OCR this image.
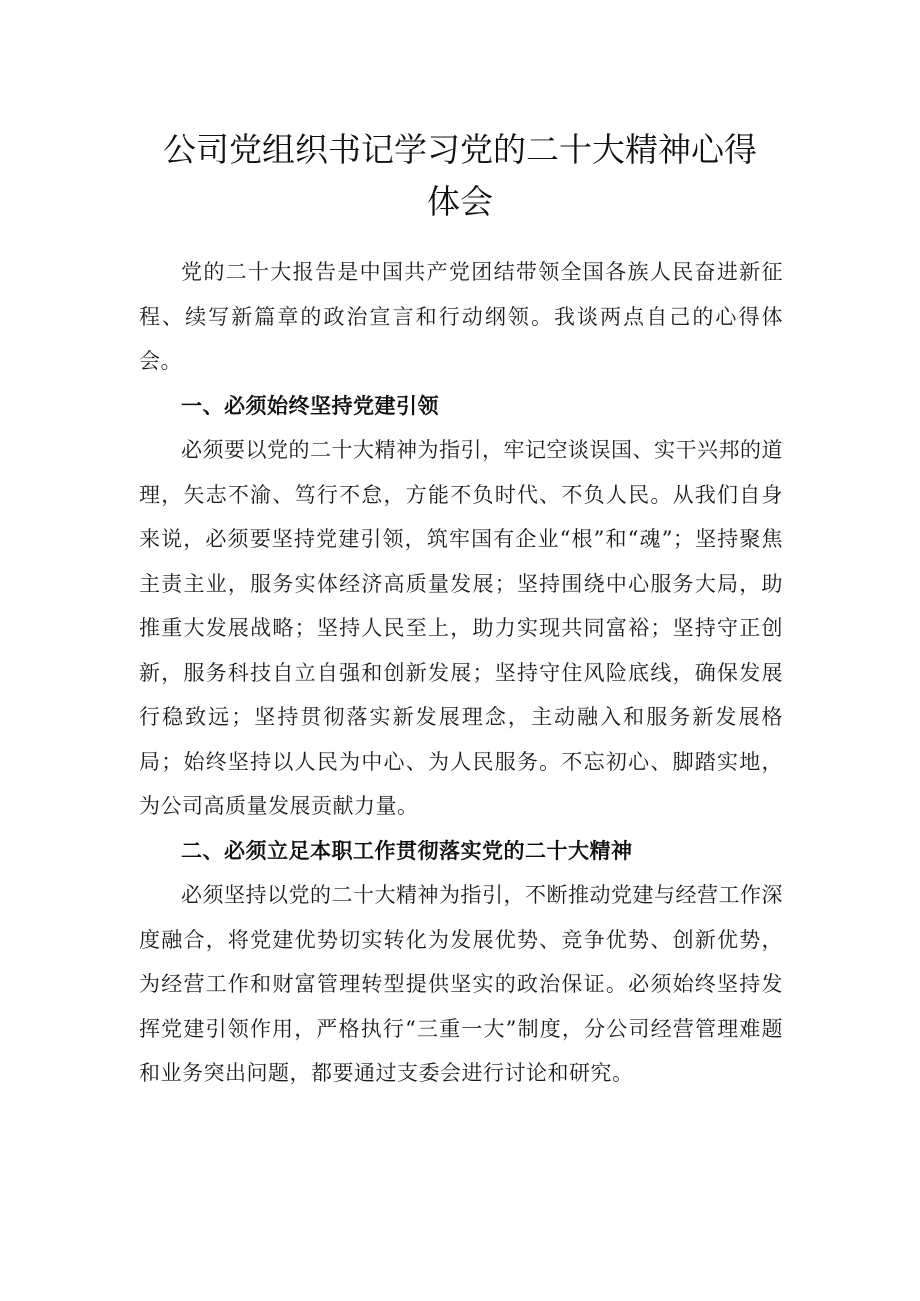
公司党组织书记学习党的二十大精神心得
体会

党的二十大报告是中国共产党团结带领全国各族人民奋进新征程、续写新篇章的政治宣言和行动纲领。我谈两点自己的心得体会。

一、必须始终坚持党建引领

必须要以党的二十大精神为指引，牢记空谈误国、实干兴邦的道理，矢志不渝、笃行不怠，方能不负时代、不负人民。从我们自身来说，必须要坚持党建引领，筑牢国有企业“根”和“魂”；坚持聚焦主责主业，服务实体经济高质量发展；坚持围绕中心服务大局，助推重大发展战略；坚持人民至上，助力实现共同富裕；坚持守正创新，服务科技自立自强和创新发展；坚持守住风险底线，确保发展行稳致远；坚持贯彻落实新发展理念，主动融入和服务新发展格局；始终坚持以人民为中心、为人民服务。不忘初心、脚踏实地，为公司高质量发展贡献力量。

二、必须立足本职工作贯彻落实党的二十大精神

必须坚持以党的二十大精神为指引，不断推动党建与经营工作深度融合，将党建优势切实转化为发展优势、竞争优势、创新优势，为经营工作和财富管理转型提供坚实的政治保证。必须始终坚持发挥党建引领作用，严格执行“三重一大”制度，分公司经营管理难题和业务突出问题，都要通过支委会进行讨论和研究。
